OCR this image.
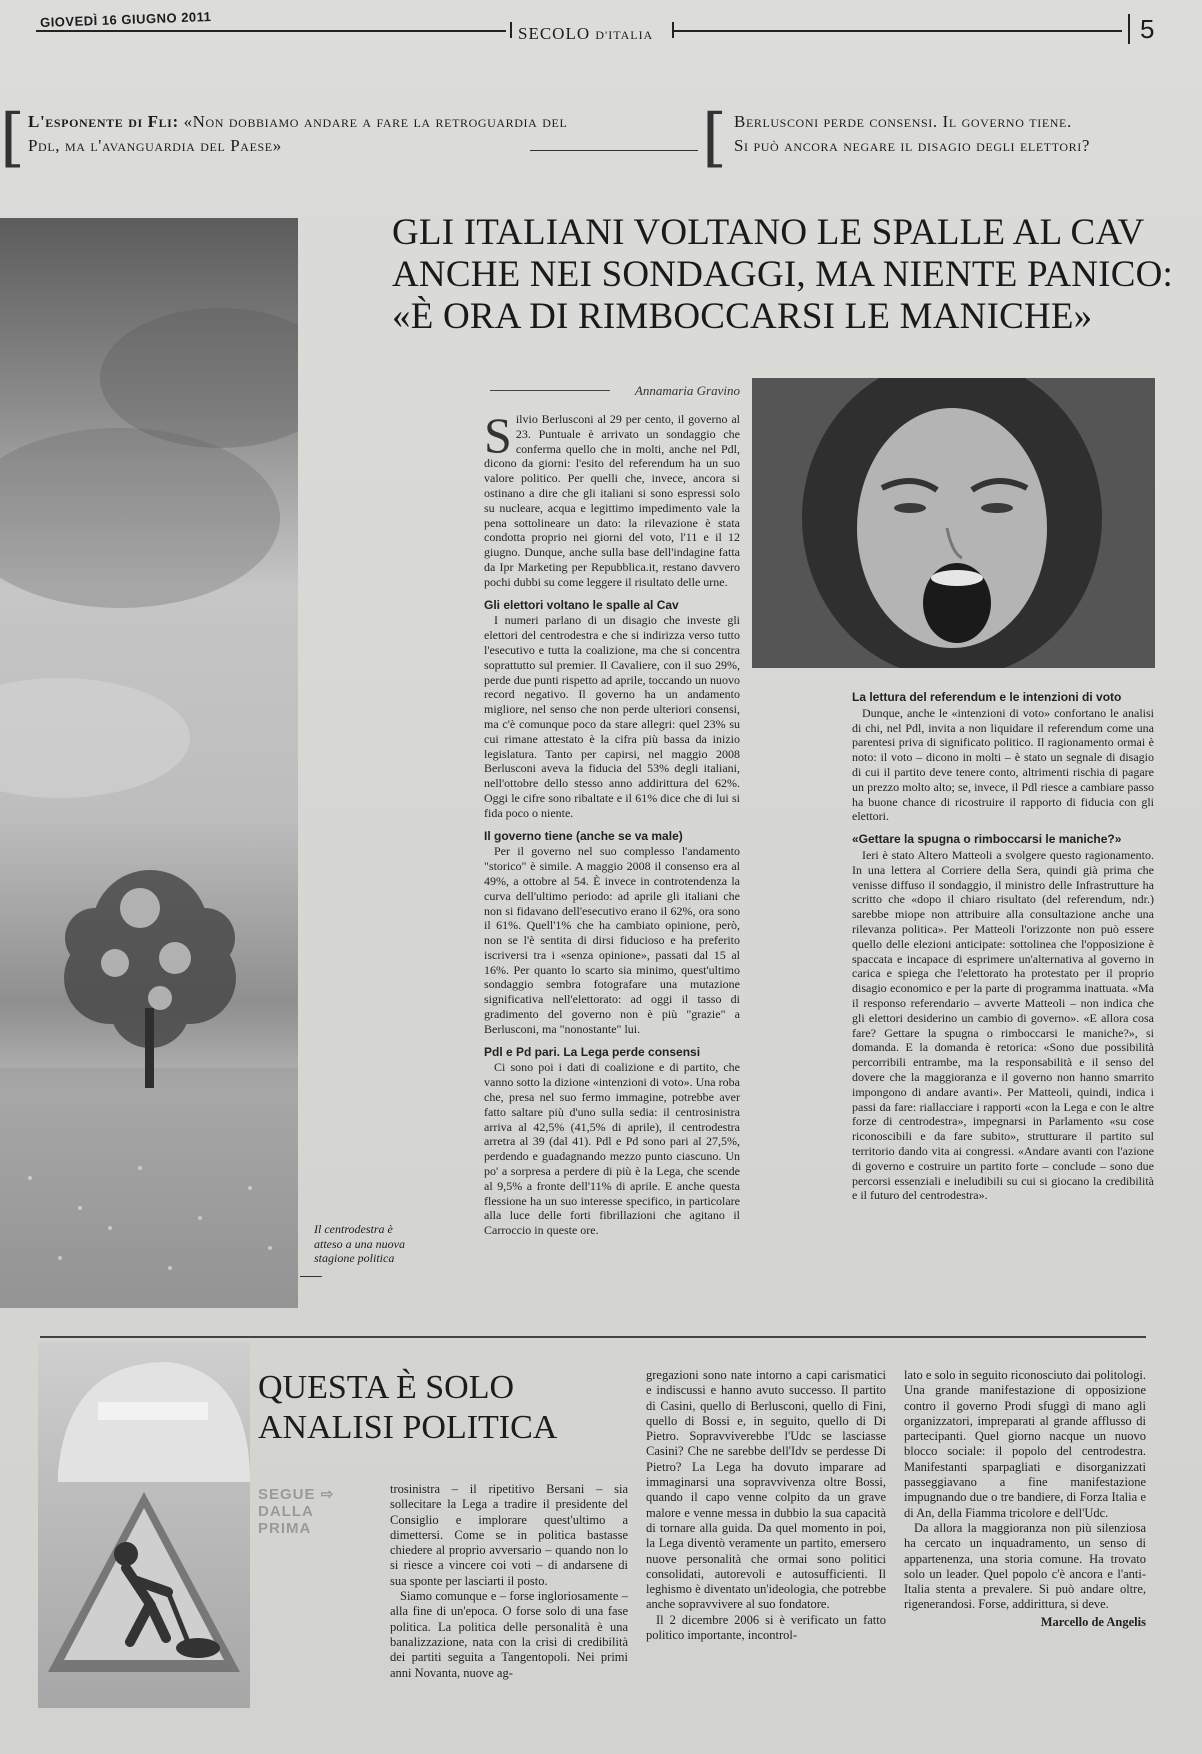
GIOVEDÌ 16 GIUGNO 2011
SECOLO D'ITALIA	5
[ L'esponente di Fli: «Non dobbiamo andare a fare la retroguardia del Pdl, ma l'avanguardia del Paese»	[ Berlusconi perde consensi. Il governo tiene.
Si può ancora negare il disagio degli elettori?
GLI ITALIANI VOLTANO LE SPALLE AL CAV
ANCHE NEI SONDAGGI, MA NIENTE PANICO:
«È ORA DI RIMBOCCARSI LE MANICHE»
Il centrodestra è atteso a una nuova stagione politica
Annamaria Gravino

Silvio Berlusconi al 29 per cento, il governo al 23. Puntuale è arrivato un sondaggio che conferma quello che in molti, anche nel Pdl, dicono da giorni: l'esito del referendum ha un suo valore politico. Per quelli che, invece, ancora si ostinano a dire che gli italiani si sono espressi solo su nucleare, acqua e legittimo impedimento vale la pena sottolineare un dato: la rilevazione è stata condotta proprio nei giorni del voto, l'11 e il 12 giugno. Dunque, anche sulla base dell'indagine fatta da Ipr Marketing per Repubblica.it, restano davvero pochi dubbi su come leggere il risultato delle urne.

Gli elettori voltano le spalle al Cav

I numeri parlano di un disagio che investe gli elettori del centrodestra e che si indirizza verso tutto l'esecutivo e tutta la coalizione, ma che si concentra soprattutto sul premier. Il Cavaliere, con il suo 29%, perde due punti rispetto ad aprile, toccando un nuovo record negativo. Il governo ha un andamento migliore, nel senso che non perde ulteriori consensi, ma c'è comunque poco da stare allegri: quel 23% su cui rimane attestato è la cifra più bassa da inizio legislatura. Tanto per capirsi, nel maggio 2008 Berlusconi aveva la fiducia del 53% degli italiani, nell'ottobre dello stesso anno addirittura del 62%. Oggi le cifre sono ribaltate e il 61% dice che di lui si fida poco o niente.

Il governo tiene (anche se va male)

Per il governo nel suo complesso l'andamento "storico" è simile. A maggio 2008 il consenso era al 49%, a ottobre al 54. È invece in controtendenza la curva dell'ultimo periodo: ad aprile gli italiani che non si fidavano dell'esecutivo erano il 62%, ora sono il 61%. Quell'1% che ha cambiato opinione, però, non se l'è sentita di dirsi fiducioso e ha preferito iscriversi tra i «senza opinione», passati dal 15 al 16%. Per quanto lo scarto sia minimo, quest'ultimo sondaggio sembra fotografare una mutazione significativa nell'elettorato: ad oggi il tasso di gradimento del governo non è più "grazie" a Berlusconi, ma "nonostante" lui.

Pdl e Pd pari. La Lega perde consensi

Ci sono poi i dati di coalizione e di partito, che vanno sotto la dizione «intenzioni di voto». Una roba che, presa nel suo fermo immagine, potrebbe aver fatto saltare più d'uno sulla sedia: il centrosinistra arriva al 42,5% (41,5% di aprile), il centrodestra arretra al 39 (dal 41). Pdl e Pd sono pari al 27,5%, perdendo e guadagnando mezzo punto ciascuno. Un po' a sorpresa a perdere di più è la Lega, che scende al 9,5% a fronte dell'11% di aprile. E anche questa flessione ha un suo interesse specifico, in particolare alla luce delle forti fibrillazioni che agitano il Carroccio in queste ore.

La lettura del referendum e le intenzioni di voto

Dunque, anche le «intenzioni di voto» confortano le analisi di chi, nel Pdl, invita a non liquidare il referendum come una parentesi priva di significato politico. Il ragionamento ormai è noto: il voto – dicono in molti – è stato un segnale di disagio di cui il partito deve tenere conto, altrimenti rischia di pagare un prezzo molto alto; se, invece, il Pdl riesce a cambiare passo ha buone chance di ricostruire il rapporto di fiducia con gli elettori.

«Gettare la spugna o rimboccarsi le maniche?»

Ieri è stato Altero Matteoli a svolgere questo ragionamento. In una lettera al Corriere della Sera, quindi già prima che venisse diffuso il sondaggio, il ministro delle Infrastrutture ha scritto che «dopo il chiaro risultato (del referendum, ndr.) sarebbe miope non attribuire alla consultazione anche una rilevanza politica». Per Matteoli l'orizzonte non può essere quello delle elezioni anticipate: sottolinea che l'opposizione è spaccata e incapace di esprimere un'alternativa al governo in carica e spiega che l'elettorato ha protestato per il proprio disagio economico e per la parte di programma inattuata. «Ma il responso referendario – avverte Matteoli – non indica che gli elettori desiderino un cambio di governo». «E allora cosa fare? Gettare la spugna o rimboccarsi le maniche?», si domanda. E la domanda è retorica: «Sono due possibilità percorribili entrambe, ma la responsabilità e il senso del dovere che la maggioranza e il governo non hanno smarrito impongono di andare avanti». Per Matteoli, quindi, indica i passi da fare: riallacciare i rapporti «con la Lega e con le altre forze di centrodestra», impegnarsi in Parlamento «su cose riconoscibili e da fare subito», strutturare il partito sul territorio dando vita ai congressi. «Andare avanti con l'azione di governo e costruire un partito forte – conclude – sono due percorsi essenziali e ineludibili su cui si giocano la credibilità e il futuro del centrodestra».

QUESTA È SOLO
ANALISI POLITICA
SEGUE ⇨
DALLA
PRIMA

trosinistra – il ripetitivo Bersani – sia sollecitare la Lega a tradire il presidente del Consiglio e implorare quest'ultimo a dimettersi. Come se in politica bastasse chiedere al proprio avversario – quando non lo si riesce a vincere coi voti – di andarsene di sua sponte per lasciarti il posto.

Siamo comunque e – forse ingloriosamente – alla fine di un'epoca. O forse solo di una fase politica. La politica delle personalità è una banalizzazione, nata con la crisi di credibilità dei partiti seguita a Tangentopoli. Nei primi anni Novanta, nuove ag-

gregazioni sono nate intorno a capi carismatici e indiscussi e hanno avuto successo. Il partito di Casini, quello di Berlusconi, quello di Fini, quello di Bossi e, in seguito, quello di Di Pietro. Sopravviverebbe l'Udc se lasciasse Casini? Che ne sarebbe dell'Idv se perdesse Di Pietro? La Lega ha dovuto imparare ad immaginarsi una sopravvivenza oltre Bossi, quando il capo venne colpito da un grave malore e venne messa in dubbio la sua capacità di tornare alla guida. Da quel momento in poi, la Lega diventò veramente un partito, emersero nuove personalità che ormai sono politici consolidati, autorevoli e autosufficienti. Il leghismo è diventato un'ideologia, che potrebbe anche sopravvivere al suo fondatore.

Il 2 dicembre 2006 si è verificato un fatto politico importante, incontrol-

lato e solo in seguito riconosciuto dai politologi. Una grande manifestazione di opposizione contro il governo Prodi sfuggì di mano agli organizzatori, impreparati al grande afflusso di partecipanti. Quel giorno nacque un nuovo blocco sociale: il popolo del centrodestra. Manifestanti sparpagliati e disorganizzati passeggiavano a fine manifestazione impugnando due o tre bandiere, di Forza Italia e di An, della Fiamma tricolore e dell'Udc.

Da allora la maggioranza non più silenziosa ha cercato un inquadramento, un senso di appartenenza, una storia comune. Ha trovato solo un leader. Quel popolo c'è ancora e l'anti-Italia stenta a prevalere. Si può andare oltre, rigenerandosi. Forse, addirittura, si deve.

Marcello de Angelis
